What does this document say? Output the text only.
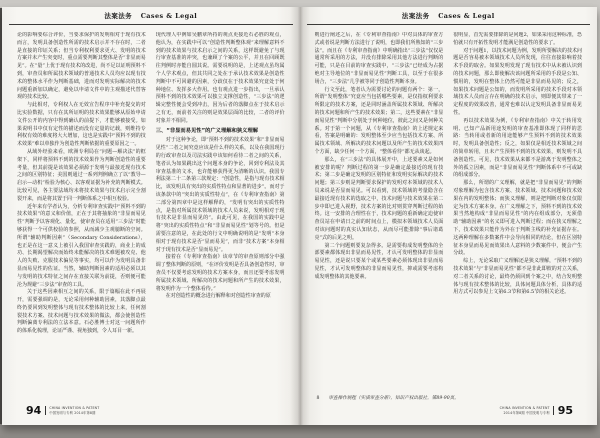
法案法务 Cases & Legal

论的影响要综合评价，当要求保护的发明相对于现有技术而言，发明具备创造性所需的技术启示并不存在时，二者是直接的印证关系；但当专利权利要求更大、发明的技术方案并未产生突变时，重点需要判断其整体是否“非显而易见”。在“量”上优于现有技术的改进，尚不足以证明预料不到，审查员和所属技术领域的普通技术人员均应以现有技术的整体水平作为判断基础，进而对发明实际解决的技术问题重新加以确定，避免以申请文件中的主观描述代替客观的技术比较。

与此相对，专利权人在无效宣告程序中补充提交的对比实验数据，只有在其所证明的技术效果能够从原始申请文件公开的内容中得到确认的前提下，才能够被接受。如果说明书中仅有定性的描述而没有定量的记载，则维持专利权有效的难度将大大增加，这也是实践中“预料不到的技术效果”难以单独作为创造性判断依据的重要原因之一。

从域外经验来看，欧洲专利局在“问题—解决法”的框架下，同样将预料不到的技术效果作为判断创造性的重要考量，但其前提是该效果必须源于发明与最接近现有技术之间的区别特征；美国则通过一系列判例确立了以“教导—启示—动机”检验为核心、以客观证据为补充的判断模式。比较可见，各主要法域均未将技术效果与技术启示完全割裂开来，而是将其置于同一判断体系之中相互校验。

近年来有学者认为，分析专利审查实践中“预料不到的技术效果”的意义和价值，正在于其将抽象的“非显而易见性”判断予以客观化、量化，使审查员在适用“三步法”时能够获得一个可供校验的参照，从而减少主观臆断的空间。所谓“辅助判断因素”（Secondary Considerations），也正是在这一意义上被引入我国审查实践的，商业上的成功、长期渴望解决而始终未能解决的技术难题被攻克、他人的失败、克服技术偏见等事实，均可以作为发明具备非显而易见性的佐证。当然，辅助判断因素的适用必须以其与发明的技术特征之间存在直接关联为前提，否则便可能沦为规避“三步法”审查的工具。

关于这些因素相互之间的关系，限于篇幅在此不再展开，需要强调的是，无论采用何种辅助因素，其落脚点最终仍要回到发明整体与现有技术整体的比较上来，任何割裂技术方案、技术问题与技术效果的做法，都会使创造性判断偏离专利法的立法本意。石必胜博士对这一问题所作的体系化梳理，论证严谨、视角独到，令人耳目一新。

现代理人中例如吴鹏章所持的观点更接近石必胜的观点，他认为，在实践中可以“创造性判断整体观”来理解意料不到的技术效果与技术启示之间的关系，这样既避免了与现行审查基准的冲突，也兼顾了个案的公平，并且在回顾既往判例时亦能自圆其说。需要说明的是，上述观点虽均属个人学术观点，但其共同之处在于承认技术效果是创造性判断中不可回避的因素，分歧仅在于技术效果究竟处于何种地位、发挥多大作用。也有观点进一步指出，一旦承认预料不到的技术效果可以独立支撑创造性，“三步法”的逻辑完整性便会受到冲击，因为后者的落脚点在于技术启示之有无，而前者关注的则是效果层面的比较，二者的评价对象并不相同。

三、“非显而易见性”的广义理解和狭义理解

对于这种争论，即“预料不到的技术效果”和“非显而易见性”二者之间究竟应该是什么样的关系，以及在我国现行的行政审查以及司法实践中该如何看待二者之间的关系，笔者认为如果跳出这个问题本身的争论，回到专利法及其审查基准的文本，也许能够获得更为清晰的认识。我国专利法第二十二条第三款规定：“创造性，是指与现有技术相比，该发明具有突出的实质性特点和显著的进步”。而对于该条款中的“突出的实质性特点”，在《专利审查指南》第二部分第四章中是这样解释的，“发明有突出的实质性特点，是指对所属技术领域的技术人员来说，发明相对于现有技术是非显而易见的”。由此可见，在我国的实践中是将“突出的实质性特点”和“非显而易见性”划等号的。但是需要注意的是，在此处的行文中明确说明的是“发明”本身相对于现有技术是否“显而易见”，而非“技术方案”本身相对于现有技术是否“显而易见”。

接着在《专利审查指南》该章节的审查原则部分中强调了整体判断的原则，“在评价发明是否具备创造性时，审查员不仅要考虑发明的技术方案本身，而且还要考虑发明所属技术领域、所解决的技术问题和所产生的技术效果，将发明作为一个整体看待。”

在对创造性的概念进行解释和对创造性审查的原

94	CHINA INVENTION & PATENT
中国发明与专利 2014年第8期
法案法务 Cases & Legal

则进行阐述之后，在《专利审查指南》中对具体的审查方式或者说是判断方法进行了说明，也即我们所熟知的“三步法”。而且在《专利审查指南》中明确指出“三步法”仅仅是通常所采用的方法，并没有排除采用其他方法进行判断的可能，只是在目前的审查实践中，“三步法”已经成为占据绝对主导地位的“非显而易见性”判断工具，以至于在很多场合，“三步法”几乎被等同于创造性判断本身。

行文至此，笔者认为需要讨论的问题有两个：第一，所谓“发明整体”究竟应当包括哪些要素，是仅指权利要求所限定的技术方案，还是同时涵盖所属技术领域、所解决的技术问题和所产生的技术效果；第二，这些要素在“非显而易见性”判断中分别处于何种地位，彼此之间又是何种关系。对于第一个问题，从《专利审查指南》的上述规定来看，答案是明确的：发明整体至少应当包括技术方案、所属技术领域、所解决的技术问题以及所产生的技术效果四个方面，缺少任何一个方面，“整体看待”都无从谈起。

那么，在“三步法”的具体展开中，上述要素又是如何被安排的呢？判断过程的第一步是确定最接近的现有技术；第二步是确定发明的区别特征和发明实际解决的技术问题；第三步则是判断要求保护的发明对本领域的技术人员来说是否显而易见。可以看到，技术领域的考量隐含在最接近现有技术的选取之中，技术问题与技术效果在第二步中即已进入视野，技术方案的比对则贯穿判断过程的始终。这一安排的合理性在于，技术问题的重新确定迫使审查员站在申请日之前的时间点上，模拟本领域技术人员面对该问题时的真实认知状态，从而尽可能排除“事后诸葛亮”式的后见之明。

第二个问题则要复杂得多。是需要构成发明整体的全部要素都体现出非显而易见性，才认可发明整体的非显而易见性，还是说只要某个或某些要素必须体现出非显而易见性，才认可发明整体的非显而易见性，抑或需要考虑构成发明整体的其他要素。

很明显，首先需要排除的是问题2，如果采用这种标准，恐怕就只有开拓性发明才能满足创造性的要求了。

对于问题1，以技术问题为例，发明所要解决的技术问题是否容易被本领域技术人员所发现，往往直接影响着技术手段的取舍。如果发明发现了现有技术中从未被认识到的技术问题，那么即使解决该问题所采用的手段是公知、惯用的，发明在整体上仍然可能是非显而易见的；反之，如果技术问题是公知的，而发明所采用的技术手段对本领域技术人员而言存在明确的技术启示，则即便其带来了一定程度的效果改善，通常也难以认定发明具备非显而易见性。

再以技术效果为例，《专利审查指南》中关于转用发明、已知产品新用途发明的审查基准即体现了同样的思路：当转用或者新的用途能够产生预料不到的技术效果时，发明具备创造性；反之，如果仅是相近技术领域之间的简单转用，且未产生预料不到的技术效果，则发明不具备创造性。可见，技术效果从来都不是游离于发明整体之外的孤立因素，而是“非显而易见性”判断体系中不可或缺的组成部分。

那么，所谓的广义理解，就是把“非显而易见”的判断对象理解为包含技术方案、技术领域、技术问题和技术效果在内的发明整体；而狭义理解，则是把判断对象仅仅限定为技术方案本身。在广义理解之下，预料不到的技术效果当然地构成“非显而易见性”的内在组成部分，无须借助“辅助因素”的名义即可进入判断过程；而在狭义理解之下，技术效果只能作为外在于判断主线的补充证据存在。这两种理解在多数案件中会导向相同的结论，但在区别特征本身显而易见而效果出人意料的少数案件中，便会产生分歧。

综上，无论采取广义理解还是狭义理解，“预料不到的技术效果”与“非显而易见性”都不是非此即彼的对立关系，对二者关系的讨论，最终仍须回到个案之中，结合发明整体与现有技术整体的比较，具体问题具体分析，具体的适用方式可以参见上文第6.3节和第6.5节的相关论述。

8 审查操作规程（实质审查分册），知识产权出版社，第89-90页。
CHINA INVENTION & PATENT
2014年第8期 中国发明与专利 95
